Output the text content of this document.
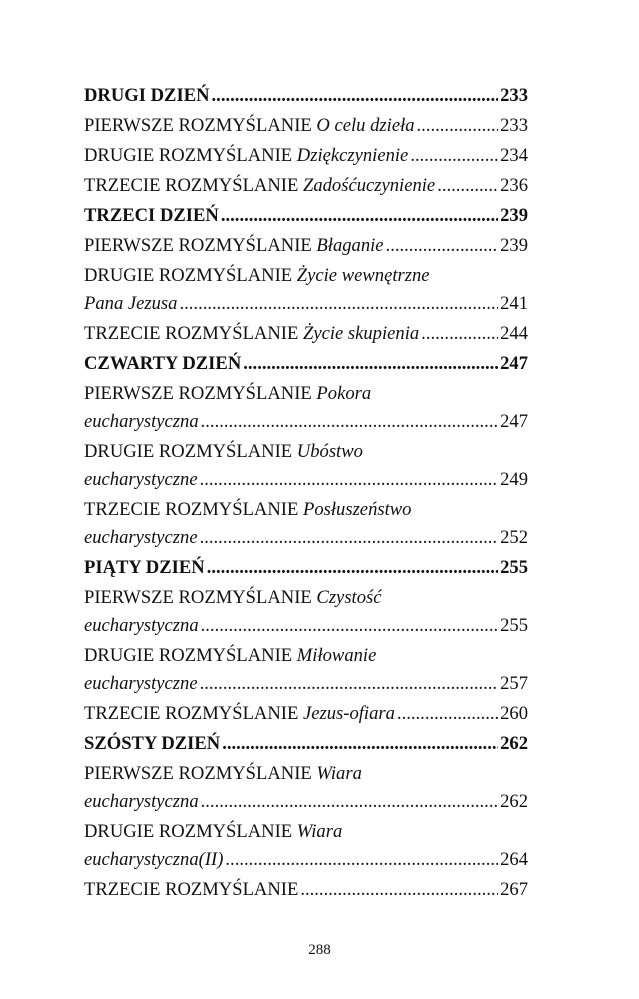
DRUGI DZIEŃ .....	233
PIERWSZE ROZMYŚLANIE O celu dzieła .....	233
DRUGIE ROZMYŚLANIE Dziękczynienie .....	234
TRZECIE ROZMYŚLANIE Zadośćuczynienie .....	236
TRZECI DZIEŃ .....	239
PIERWSZE ROZMYŚLANIE Błaganie .....	239
DRUGIE ROZMYŚLANIE Życie wewnętrzne
Pana Jezusa .....	241
TRZECIE ROZMYŚLANIE Życie skupienia .....	244
CZWARTY DZIEŃ .....	247
PIERWSZE ROZMYŚLANIE Pokora
eucharystyczna .....	247
DRUGIE ROZMYŚLANIE Ubóstwo
eucharystyczne .....	249
TRZECIE ROZMYŚLANIE Posłuszeństwo
eucharystyczne .....	252
PIĄTY DZIEŃ .....	255
PIERWSZE ROZMYŚLANIE Czystość
eucharystyczna .....	255
DRUGIE ROZMYŚLANIE Miłowanie
eucharystyczne .....	257
TRZECIE ROZMYŚLANIE Jezus-ofiara .....	260
SZÓSTY DZIEŃ .....	262
PIERWSZE ROZMYŚLANIE Wiara
eucharystyczna .....	262
DRUGIE ROZMYŚLANIE Wiara
eucharystyczna(II) .....	264
TRZECIE ROZMYŚLANIE .....	267
288
